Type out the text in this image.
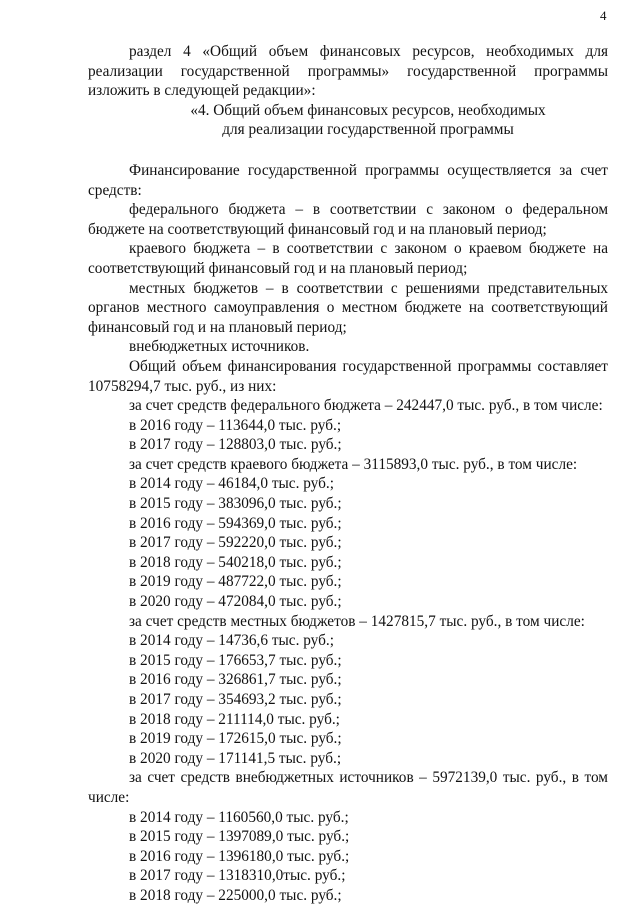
4

раздел 4 «Общий объем финансовых ресурсов, необходимых для реализации государственной программы» государственной программы изложить в следующей редакции»:

«4. Общий объем финансовых ресурсов, необходимых

для реализации государственной программы

Финансирование государственной программы осуществляется за счет средств:

федерального бюджета – в соответствии с законом о федеральном бюджете на соответствующий финансовый год и на плановый период;

краевого бюджета – в соответствии с законом о краевом бюджете на соответствующий финансовый год и на плановый период;

местных бюджетов – в соответствии с решениями представительных органов местного самоуправления о местном бюджете на соответствующий финансовый год и на плановый период;

внебюджетных источников.

Общий объем финансирования государственной программы составляет 10758294,7 тыс. руб., из них:

за счет средств федерального бюджета – 242447,0 тыс. руб., в том числе:

в 2016 году – 113644,0 тыс. руб.;

в 2017 году – 128803,0 тыс. руб.;

за счет средств краевого бюджета – 3115893,0 тыс. руб., в том числе:

в 2014 году – 46184,0 тыс. руб.;

в 2015 году – 383096,0 тыс. руб.;

в 2016 году – 594369,0 тыс. руб.;

в 2017 году – 592220,0 тыс. руб.;

в 2018 году – 540218,0 тыс. руб.;

в 2019 году – 487722,0 тыс. руб.;

в 2020 году – 472084,0 тыс. руб.;

за счет средств местных бюджетов – 1427815,7 тыс. руб., в том числе:

в 2014 году – 14736,6 тыс. руб.;

в 2015 году – 176653,7 тыс. руб.;

в 2016 году – 326861,7 тыс. руб.;

в 2017 году – 354693,2 тыс. руб.;

в 2018 году – 211114,0 тыс. руб.;

в 2019 году – 172615,0 тыс. руб.;

в 2020 году – 171141,5 тыс. руб.;

за счет средств внебюджетных источников – 5972139,0 тыс. руб., в том числе:

в 2014 году – 1160560,0 тыс. руб.;

в 2015 году – 1397089,0 тыс. руб.;

в 2016 году – 1396180,0 тыс. руб.;

в 2017 году – 1318310,0тыс. руб.;

в 2018 году – 225000,0 тыс. руб.;
